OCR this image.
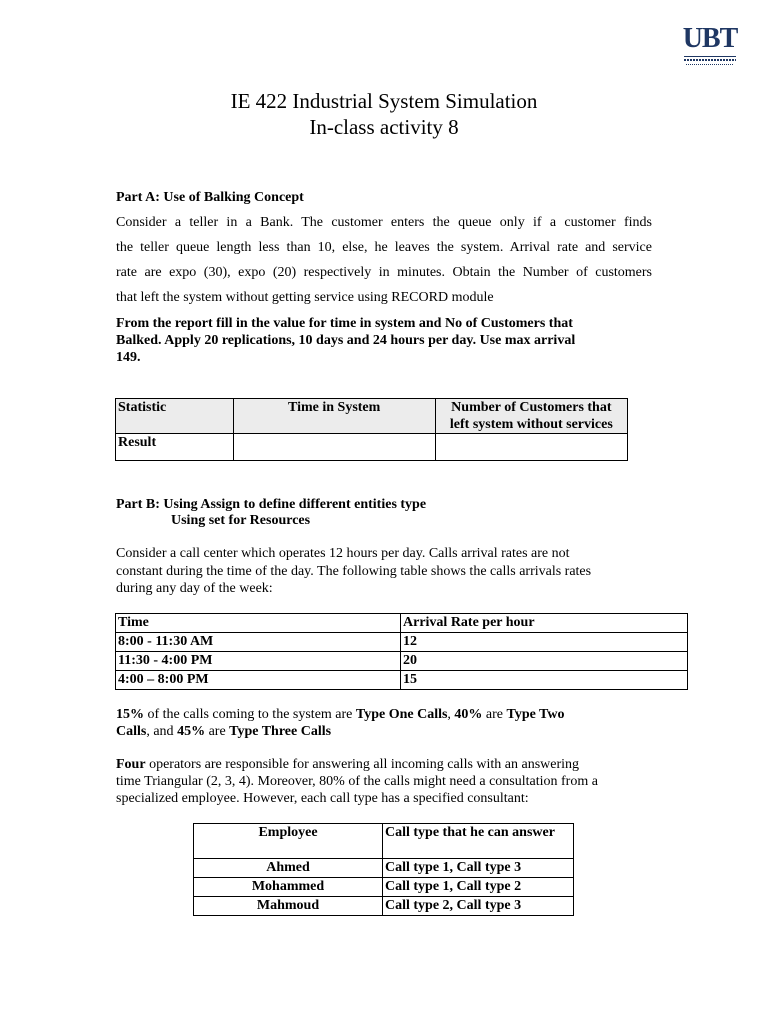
UBT
IE 422 Industrial System Simulation
In-class activity 8
Part A: Use of Balking Concept
Consider a teller in a Bank. The customer enters the queue only if a customer finds
the teller queue length less than 10, else, he leaves the system. Arrival rate and service
rate are expo (30), expo (20) respectively in minutes. Obtain the Number of customers
that left the system without getting service using RECORD module
From the report fill in the value for time in system and No of Customers that
Balked. Apply 20 replications, 10 days and 24 hours per day. Use max arrival
149.
Statistic	Time in System	Number of Customers that
left system without services
Result		
Part B: Using Assign to define different entities type
Using set for Resources
Consider a call center which operates 12 hours per day. Calls arrival rates are not
constant during the time of the day. The following table shows the calls arrivals rates
during any day of the week:
Time	Arrival Rate per hour
8:00 - 11:30 AM	12
11:30 - 4:00 PM	20
4:00 – 8:00 PM	15
15% of the calls coming to the system are Type One Calls, 40% are Type Two
Calls, and 45% are Type Three Calls
Four operators are responsible for answering all incoming calls with an answering
time Triangular (2, 3, 4). Moreover, 80% of the calls might need a consultation from a
specialized employee. However, each call type has a specified consultant:
Employee	Call type that he can answer
Ahmed	Call type 1, Call type 3
Mohammed	Call type 1, Call type 2
Mahmoud	Call type 2, Call type 3
